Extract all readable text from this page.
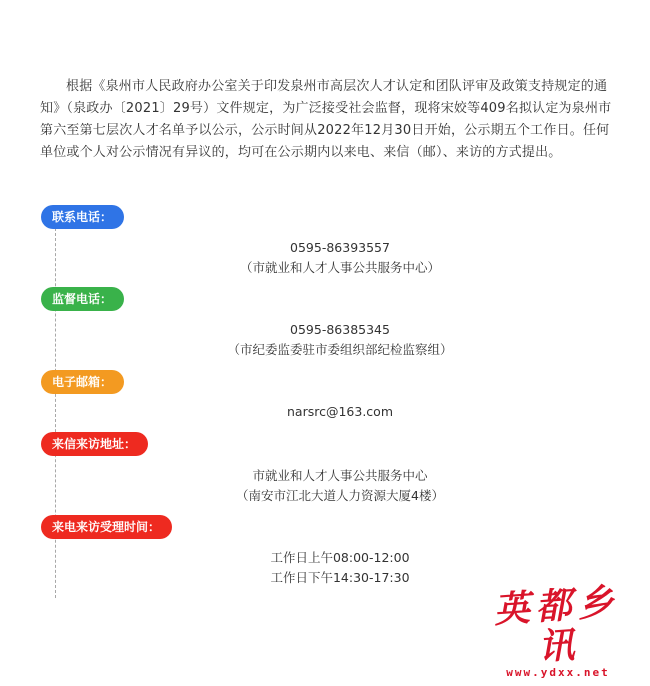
根据《泉州市人民政府办公室关于印发泉州市高层次人才认定和团队评审及政策支持规定的通知》（泉政办〔2021〕29号）文件规定，为广泛接受社会监督，现将宋姣等409名拟认定为泉州市第六至第七层次人才名单予以公示，公示时间从2022年12月30日开始，公示期五个工作日。任何单位或个人对公示情况有异议的，均可在公示期内以来电、来信（邮）、来访的方式提出。

联系电话：
0595-86393557
（市就业和人才人事公共服务中心）
监督电话：
0595-86385345
（市纪委监委驻市委组织部纪检监察组）
电子邮箱：
narsrc@163.com
来信来访地址：
市就业和人才人事公共服务中心
（南安市江北大道人力资源大厦4楼）
来电来访受理时间：
工作日上午08:00-12:00
工作日下午14:30-17:30
英都乡讯
www.ydxx.net
